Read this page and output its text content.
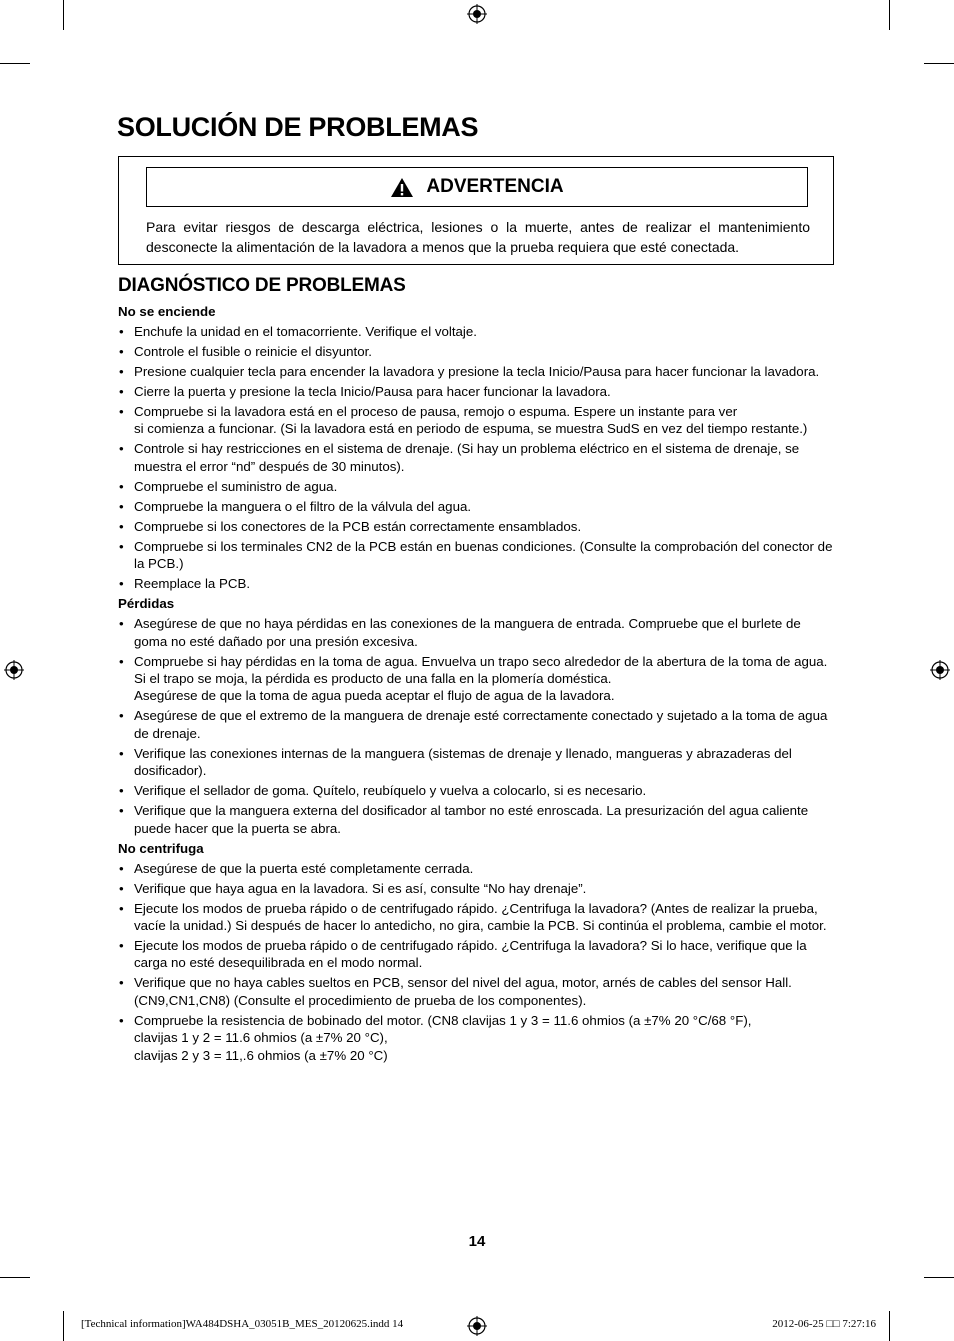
SOLUCIÓN DE PROBLEMAS
ADVERTENCIA

Para evitar riesgos de descarga eléctrica, lesiones o la muerte, antes de realizar el mantenimiento desconecte la alimentación de la lavadora a menos que la prueba requiera que esté conectada.

DIAGNÓSTICO DE PROBLEMAS

No se enciende

• Enchufe la unidad en el tomacorriente. Verifique el voltaje.
• Controle el fusible o reinicie el disyuntor.
• Presione cualquier tecla para encender la lavadora y presione la tecla Inicio/Pausa para hacer funcionar la lavadora.
• Cierre la puerta y presione la tecla Inicio/Pausa para hacer funcionar la lavadora.
• Compruebe si la lavadora está en el proceso de pausa, remojo o espuma. Espere un instante para ver
si comienza a funcionar. (Si la lavadora está en periodo de espuma, se muestra SudS en vez del tiempo restante.)
• Controle si hay restricciones en el sistema de drenaje. (Si hay un problema eléctrico en el sistema de drenaje, se muestra el error “nd” después de 30 minutos).
• Compruebe el suministro de agua.
• Compruebe la manguera o el filtro de la válvula del agua.
• Compruebe si los conectores de la PCB están correctamente ensamblados.
• Compruebe si los terminales CN2 de la PCB están en buenas condiciones. (Consulte la comprobación del conector de la PCB.)
• Reemplace la PCB.

Pérdidas

• Asegúrese de que no haya pérdidas en las conexiones de la manguera de entrada. Compruebe que el burlete de goma no esté dañado por una presión excesiva.
• Compruebe si hay pérdidas en la toma de agua. Envuelva un trapo seco alrededor de la abertura de la toma de agua.
Si el trapo se moja, la pérdida es producto de una falla en la plomería doméstica.
Asegúrese de que la toma de agua pueda aceptar el flujo de agua de la lavadora.
• Asegúrese de que el extremo de la manguera de drenaje esté correctamente conectado y sujetado a la toma de agua de drenaje.
• Verifique las conexiones internas de la manguera (sistemas de drenaje y llenado, mangueras y abrazaderas del dosificador).
• Verifique el sellador de goma. Quítelo, reubíquelo y vuelva a colocarlo, si es necesario.
• Verifique que la manguera externa del dosificador al tambor no esté enroscada. La presurización del agua caliente puede hacer que la puerta se abra.

No centrifuga

• Asegúrese de que la puerta esté completamente cerrada.
• Verifique que haya agua en la lavadora. Si es así, consulte “No hay drenaje”.
• Ejecute los modos de prueba rápido o de centrifugado rápido. ¿Centrifuga la lavadora? (Antes de realizar la prueba, vacíe la unidad.) Si después de hacer lo antedicho, no gira, cambie la PCB. Si continúa el problema, cambie el motor.
• Ejecute los modos de prueba rápido o de centrifugado rápido. ¿Centrifuga la lavadora? Si lo hace, verifique que la carga no esté desequilibrada en el modo normal.
• Verifique que no haya cables sueltos en PCB, sensor del nivel del agua, motor, arnés de cables del sensor Hall. (CN9,CN1,CN8) (Consulte el procedimiento de prueba de los componentes).
• Compruebe la resistencia de bobinado del motor. (CN8 clavijas 1 y 3 = 11.6 ohmios (a ±7% 20 °C/68 °F),
clavijas 1 y 2 = 11.6 ohmios (a ±7% 20 °C),
clavijas 2 y 3 = 11,.6 ohmios (a ±7% 20 °C)
14
[Technical information]WA484DSHA_03051B_MES_20120625.indd 14	2012-06-25 ​□□ 7:27:16
